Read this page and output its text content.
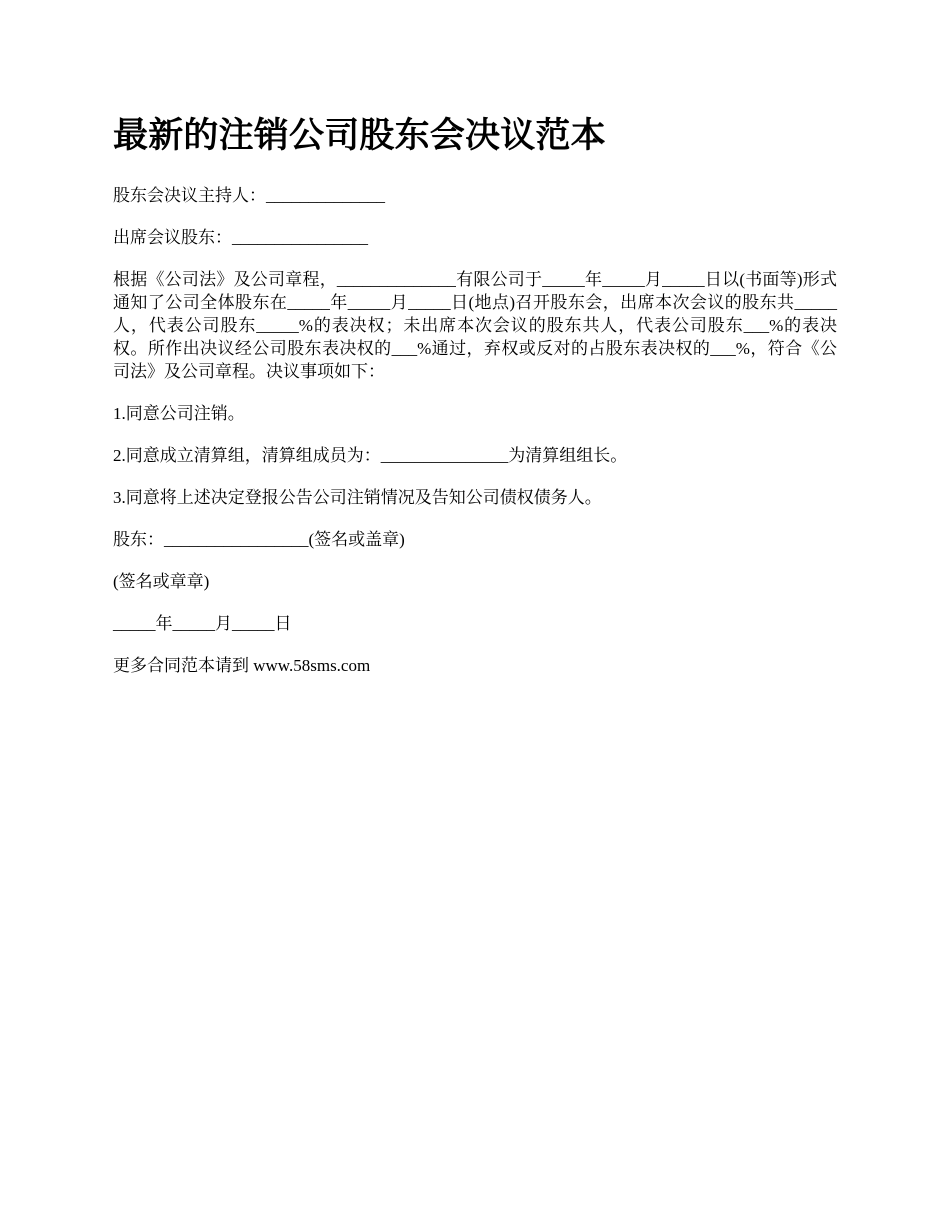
最新的注销公司股东会决议范本

股东会决议主持人：______________

出席会议股东：________________

根据《公司法》及公司章程，______________有限公司于_____年_____月_____日以(书面等)形式通知了公司全体股东在_____年_____月_____日(地点)召开股东会，出席本次会议的股东共_____人，代表公司股东_____%的表决权；未出席本次会议的股东共人，代表公司股东___%的表决权。所作出决议经公司股东表决权的___%通过，弃权或反对的占股东表决权的___%，符合《公司法》及公司章程。决议事项如下：

1.同意公司注销。

2.同意成立清算组，清算组成员为：_______________为清算组组长。

3.同意将上述决定登报公告公司注销情况及告知公司债权债务人。

股东：_________________(签名或盖章)

(签名或章章)

_____年_____月_____日

更多合同范本请到 www.58sms.com
